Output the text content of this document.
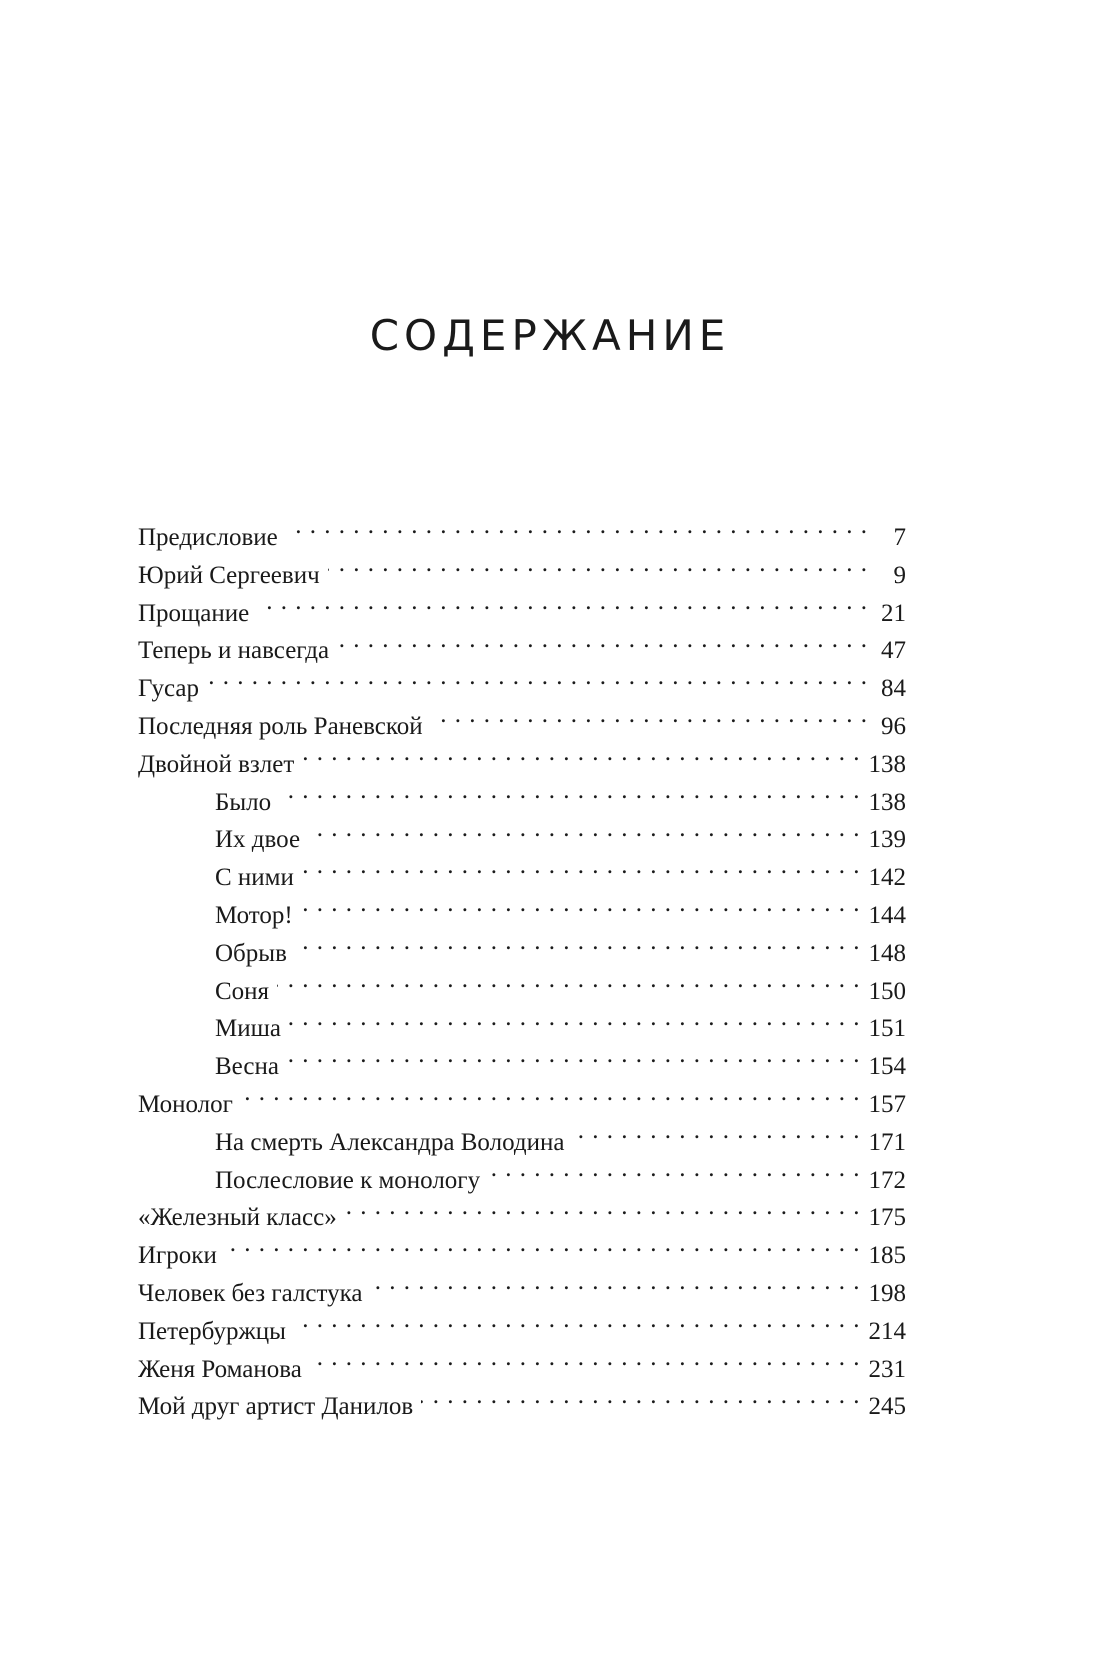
СОДЕРЖАНИЕ
Предисловие . . .	7
Юрий Сергеевич . . .	9
Прощание . . .	21
Теперь и навсегда . . .	47
Гусар . . .	84
Последняя роль Раневской . . .	96
Двойной взлет . . .	138
Было . . .	138
Их двое . . .	139
С ними . . .	142
Мотор! . . .	144
Обрыв . . .	148
Соня . . .	150
Миша . . .	151
Весна . . .	154
Монолог . . .	157
На смерть Александра Володина . . .	171
Послесловие к монологу . . .	172
«Железный класс» . . .	175
Игроки . . .	185
Человек без галстука . . .	198
Петербуржцы . . .	214
Женя Романова . . .	231
Мой друг артист Данилов . . .	245
